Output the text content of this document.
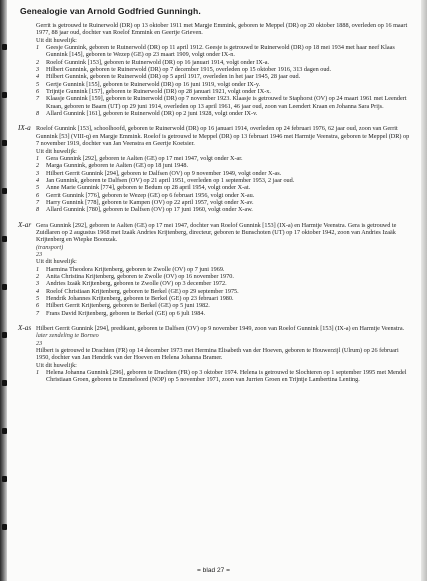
Genealogie van Arnold Godfried Gunningh.

Gerrit is getrouwd te Ruinerwold (DR) op 13 oktober 1911 met Margje Emmink, geboren te Meppel (DR) op 20 oktober 1888, overleden op 16 maart 1977, 88 jaar oud, dochter van Roelof Emmink en Geertje Grieven.

Uit dit huwelijk:

1 Geesje Gunnink, geboren te Ruinerwold (DR) op 11 april 1912. Geesje is getrouwd te Ruinerwold (DR) op 18 mei 1934 met haar neef Klaas Gunnink [145], geboren te Wezep (GE) op 23 maart 1909, volgt onder IX-n.
2 Roelof Gunnink [153], geboren te Ruinerwold (DR) op 16 januari 1914, volgt onder IX-a.
3 Hilbert Gunnink, geboren te Ruinerwold (DR) op 7 december 1915, overleden op 15 oktober 1916, 313 dagen oud.
4 Hilbert Gunnink, geboren te Ruinerwold (DR) op 5 april 1917, overleden in het jaar 1945, 28 jaar oud.
5 Gertje Gunnink [155], geboren te Ruinerwold (DR) op 16 juni 1919, volgt onder IX-y.
6 Trijntje Gunnink [157], geboren te Ruinerwold (DR) op 28 januari 1921, volgt onder IX-x.
7 Klaasje Gunnink [159], geboren te Ruinerwold (DR) op 7 november 1923. Klaasje is getrouwd te Staphorst (OV) op 24 maart 1961 met Leendert Kraan, geboren te Baarn (UT) op 29 juni 1914, overleden op 13 april 1961, 46 jaar oud, zoon van Leendert Kraan en Johanna Sara Prijs.
8 Allard Gunnink [161], geboren te Ruinerwold (DR) op 2 juni 1928, volgt onder IX-v.
IX-a Roelof Gunnink [153], schoolhoofd, geboren te Ruinerwold (DR) op 16 januari 1914, overleden op 24 februari 1976, 62 jaar oud, zoon van Gerrit Gunnink [53] (VIII-q) en Margje Emmink. Roelof is getrouwd te Meppel (DR) op 13 februari 1946 met Harmtje Veenstra, geboren te Meppel (DR) op 7 november 1919, dochter van Jan Veenstra en Geertje Koetsier.

Uit dit huwelijk:

1 Gera Gunnink [292], geboren te Aalten (GE) op 17 mei 1947, volgt onder X-ar.
2 Marga Gunnink, geboren te Aalten (GE) op 18 juni 1948.
3 Hilbert Gerrit Gunnink [294], geboren te Dalfsen (OV) op 9 november 1949, volgt onder X-as.
4 Jan Gunnink, geboren te Dalfsen (OV) op 21 april 1951, overleden op 1 september 1953, 2 jaar oud.
5 Anne Marie Gunnink [774], geboren te Bedum op 28 april 1954, volgt onder X-at.
6 Gerrit Gunnink [776], geboren te Wezep (GE) op 6 februari 1956, volgt onder X-au.
7 Harry Gunnink [778], geboren te Kampen (OV) op 22 april 1957, volgt onder X-av.
8 Allard Gunnink [780], geboren te Dalfsen (OV) op 17 juni 1960, volgt onder X-aw.
X-ar Gera Gunnink [292], geboren te Aalten (GE) op 17 mei 1947, dochter van Roelof Gunnink [153] (IX-a) en Harmtje Veenstra. Gera is getrouwd te Zuidlaren op 2 augustus 1968 met Izaäk Andries Krijtenberg, directeur, geboren te Bunschoten (UT) op 17 oktober 1942, zoon van Andries Izaäk Krijtenberg en Wiepke Boonzak.

(transport)

23

Uit dit huwelijk:

1 Harmina Theodora Krijtenberg, geboren te Zwolle (OV) op 7 juni 1969.
2 Anita Christina Krijtenberg, geboren te Zwolle (OV) op 16 november 1970.
3 Andries Izaäk Krijtenberg, geboren te Zwolle (OV) op 3 december 1972.
4 Roelof Christiaan Krijtenberg, geboren te Berkel (GE) op 29 september 1975.
5 Hendrik Johannes Krijtenberg, geboren te Berkel (GE) op 23 februari 1980.
6 Hilbert Gerrit Krijtenberg, geboren te Berkel (GE) op 5 juni 1982.
7 Frans David Krijtenberg, geboren te Berkel (GE) op 6 juli 1984.
X-as Hilbert Gerrit Gunnink [294], predikant, geboren te Dalfsen (OV) op 9 november 1949, zoon van Roelof Gunnink [153] (IX-a) en Harmtje Veenstra.

later zendeling te Borneo

23

Hilbert is getrouwd te Drachten (FR) op 14 december 1973 met Hermina Elisabeth van der Hoeven, geboren te Houwerzijl (Ulrum) op 26 februari 1950, dochter van Jan Hendrik van der Hoeven en Helena Johanna Bramer.

Uit dit huwelijk:

1 Helena Johanna Gunnink [296], geboren te Drachten (FR) op 3 oktober 1974. Helena is getrouwd te Slochteren op 1 september 1995 met Mendel Christiaan Groen, geboren te Emmeloord (NOP) op 5 november 1971, zoon van Jurrien Groen en Trijntje Lambertina Lenting.
= blad 27 =
